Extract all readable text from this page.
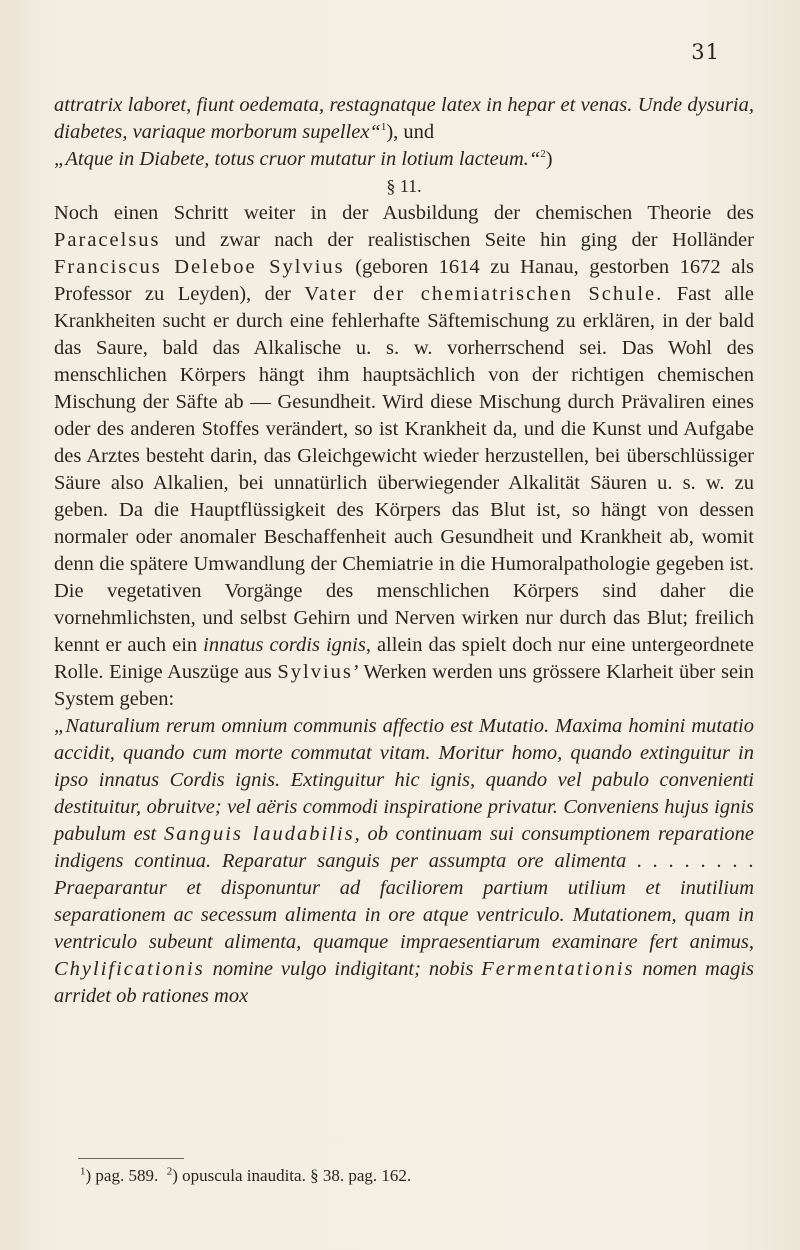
31

attratrix laboret, fiunt oedemata, restagnatque latex in hepar et venas. Unde dysuria, diabetes, variaque morborum supellex“$^1$), und

„Atque in Diabete, totus cruor mutatur in lotium lacteum.“$^2$)

§ 11.

Noch einen Schritt weiter in der Ausbildung der chemischen Theorie des Paracelsus und zwar nach der realistischen Seite hin ging der Holländer Franciscus Deleboe Sylvius (geboren 1614 zu Hanau, gestorben 1672 als Professor zu Leyden), der Vater der chemiatrischen Schule. Fast alle Krankheiten sucht er durch eine fehlerhafte Säftemischung zu erklären, in der bald das Saure, bald das Alkalische u. s. w. vorherrschend sei. Das Wohl des menschlichen Körpers hängt ihm hauptsächlich von der richtigen chemischen Mischung der Säfte ab — Gesundheit. Wird diese Mischung durch Prävaliren eines oder des anderen Stoffes verändert, so ist Krankheit da, und die Kunst und Aufgabe des Arztes besteht darin, das Gleichgewicht wieder herzustellen, bei überschlüssiger Säure also Alkalien, bei unnatürlich überwiegender Alkalität Säuren u. s. w. zu geben. Da die Hauptflüssigkeit des Körpers das Blut ist, so hängt von dessen normaler oder anomaler Beschaffenheit auch Gesundheit und Krankheit ab, womit denn die spätere Umwandlung der Chemiatrie in die Humoralpathologie gegeben ist. Die vegetativen Vorgänge des menschlichen Körpers sind daher die vornehmlichsten, und selbst Gehirn und Nerven wirken nur durch das Blut; freilich kennt er auch ein innatus cordis ignis, allein das spielt doch nur eine untergeordnete Rolle. Einige Auszüge aus Sylvius’ Werken werden uns grössere Klarheit über sein System geben:

„Naturalium rerum omnium communis affectio est Mutatio. Maxima homini mutatio accidit, quando cum morte commutat vitam. Moritur homo, quando extinguitur in ipso innatus Cordis ignis. Extinguitur hic ignis, quando vel pabulo convenienti destituitur, obruitve; vel aëris commodi inspiratione privatur. Conveniens hujus ignis pabulum est Sanguis laudabilis, ob continuam sui consumptionem reparatione indigens continua. Reparatur sanguis per assumpta ore alimenta . . . . . . . . Praeparantur et disponuntur ad faciliorem partium utilium et inutilium separationem ac secessum alimenta in ore atque ventriculo. Mutationem, quam in ventriculo subeunt alimenta, quamque impraesentiarum examinare fert animus, Chylificationis nomine vulgo indigitant; nobis Fermentationis nomen magis arridet ob rationes mox

$^1$) pag. 589. $^2$) opuscula inaudita. § 38. pag. 162.
